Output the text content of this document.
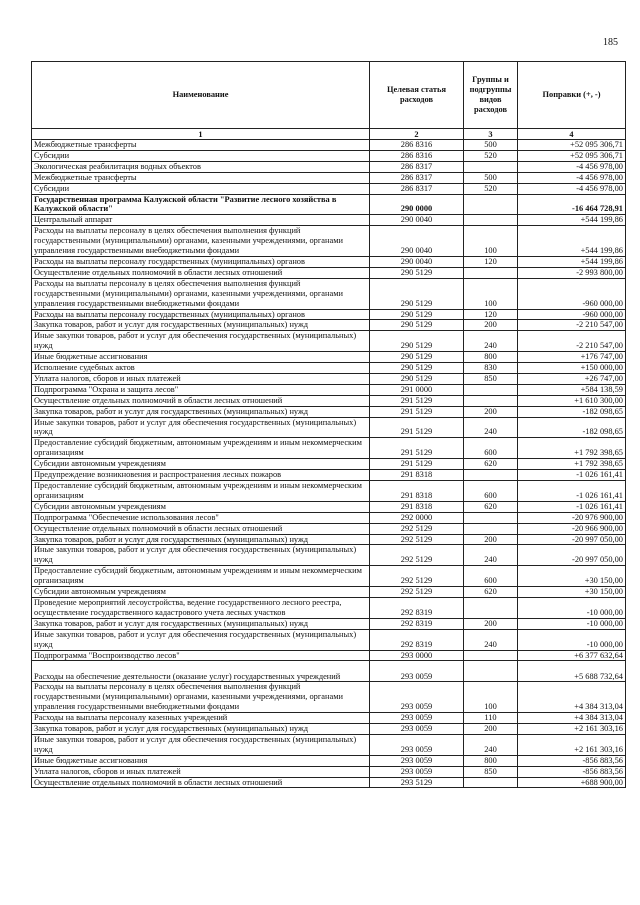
185
Наименование	Целевая статья расходов	Группы и подгруппы видов расходов	Поправки (+, -)
1	2	3	4
Межбюджетные трансферты	286 8316	500	+52 095 306,71
Субсидии	286 8316	520	+52 095 306,71
Экологическая реабилитация водных объектов	286 8317		-4 456 978,00
Межбюджетные трансферты	286 8317	500	-4 456 978,00
Субсидии	286 8317	520	-4 456 978,00
Государственная программа Калужской области "Развитие лесного хозяйства в Калужской области"	290 0000		-16 464 728,91
Центральный аппарат	290 0040		+544 199,86
Расходы на выплаты персоналу в целях обеспечения выполнения функций государственными (муниципальными) органами, казенными учреждениями, органами управления государственными внебюджетными фондами	290 0040	100	+544 199,86
Расходы на выплаты персоналу государственных (муниципальных) органов	290 0040	120	+544 199,86
Осуществление отдельных полномочий в области лесных отношений	290 5129		-2 993 800,00
Расходы на выплаты персоналу в целях обеспечения выполнения функций государственными (муниципальными) органами, казенными учреждениями, органами управления государственными внебюджетными фондами	290 5129	100	-960 000,00
Расходы на выплаты персоналу государственных (муниципальных) органов	290 5129	120	-960 000,00
Закупка товаров, работ и услуг для государственных (муниципальных) нужд	290 5129	200	-2 210 547,00
Иные закупки товаров, работ и услуг для обеспечения государственных (муниципальных) нужд	290 5129	240	-2 210 547,00
Иные бюджетные ассигнования	290 5129	800	+176 747,00
Исполнение судебных актов	290 5129	830	+150 000,00
Уплата налогов, сборов и иных платежей	290 5129	850	+26 747,00
Подпрограмма "Охрана и защита лесов"	291 0000		+584 138,59
Осуществление отдельных полномочий в области лесных отношений	291 5129		+1 610 300,00
Закупка товаров, работ и услуг для государственных (муниципальных) нужд	291 5129	200	-182 098,65
Иные закупки товаров, работ и услуг для обеспечения государственных (муниципальных) нужд	291 5129	240	-182 098,65
Предоставление субсидий бюджетным, автономным учреждениям и иным некоммерческим организациям	291 5129	600	+1 792 398,65
Субсидии автономным учреждениям	291 5129	620	+1 792 398,65
Предупреждение возникновения и распространения лесных пожаров	291 8318		-1 026 161,41
Предоставление субсидий бюджетным, автономным учреждениям и иным некоммерческим организациям	291 8318	600	-1 026 161,41
Субсидии автономным учреждениям	291 8318	620	-1 026 161,41
Подпрограмма "Обеспечение использования лесов"	292 0000		-20 976 900,00
Осуществление отдельных полномочий в области лесных отношений	292 5129		-20 966 900,00
Закупка товаров, работ и услуг для государственных (муниципальных) нужд	292 5129	200	-20 997 050,00
Иные закупки товаров, работ и услуг для обеспечения государственных (муниципальных) нужд	292 5129	240	-20 997 050,00
Предоставление субсидий бюджетным, автономным учреждениям и иным некоммерческим организациям	292 5129	600	+30 150,00
Субсидии автономным учреждениям	292 5129	620	+30 150,00
Проведение мероприятий лесоустройства, ведение государственного лесного реестра, осуществление государственного кадастрового учета лесных участков	292 8319		-10 000,00
Закупка товаров, работ и услуг для государственных (муниципальных) нужд	292 8319	200	-10 000,00
Иные закупки товаров, работ и услуг для обеспечения государственных (муниципальных) нужд	292 8319	240	-10 000,00
Подпрограмма "Воспроизводство лесов"	293 0000		+6 377 632,64
Расходы на обеспечение деятельности (оказание услуг) государственных учреждений	293 0059		+5 688 732,64
Расходы на выплаты персоналу в целях обеспечения выполнения функций государственными (муниципальными) органами, казенными учреждениями, органами управления государственными внебюджетными фондами	293 0059	100	+4 384 313,04
Расходы на выплаты персоналу казенных учреждений	293 0059	110	+4 384 313,04
Закупка товаров, работ и услуг для государственных (муниципальных) нужд	293 0059	200	+2 161 303,16
Иные закупки товаров, работ и услуг для обеспечения государственных (муниципальных) нужд	293 0059	240	+2 161 303,16
Иные бюджетные ассигнования	293 0059	800	-856 883,56
Уплата налогов, сборов и иных платежей	293 0059	850	-856 883,56
Осуществление отдельных полномочий в области лесных отношений	293 5129		+688 900,00
